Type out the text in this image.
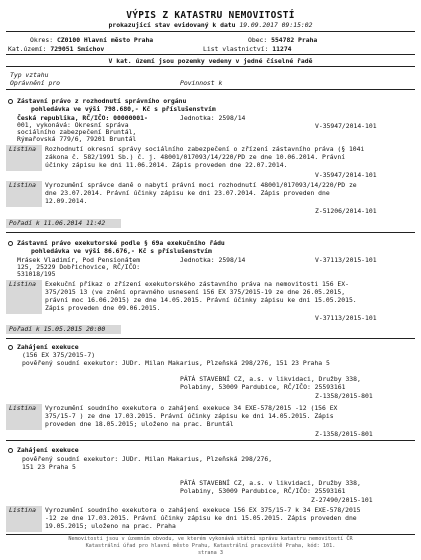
VÝPIS Z KATASTRU NEMOVITOSTÍ
prokazující stav evidovaný k datu 19.09.2017 09:15:02
Okres: CZ0100 Hlavní město Praha	Obec: 554782 Praha
Kat.území: 729051 Smíchov	List vlastnictví: 11274
V kat. území jsou pozemky vedeny v jedné číselné řadě
Typ vztahu
Oprávnění pro	Povinnost k
Zástavní právo z rozhodnutí správního orgánu
pohledávka ve výši 798.680,- Kč s příslušenstvím
Česká republika, RČ/IČO: 00000001-
001, vykonává: Okresní správa
sociálního zabezpečení Bruntál,
Rýmařovská 779/6, 79201 Bruntál
Jednotka: 2598/14
V-35947/2014-101
Listina Rozhodnutí okresní správy sociálního zabezpečení o zřízení zástavního práva (§ 104i
zákona č. 582/1991 Sb.) č. j. 48001/017093/14/220/PD ze dne 10.06.2014. Právní
účinky zápisu ke dni 11.06.2014. Zápis proveden dne 22.07.2014.
V-35947/2014-101
Listina Vyrozumění správce daně o nabytí právní moci rozhodnutí 48001/017093/14/220/PD ze
dne 23.07.2014. Právní účinky zápisu ke dni 23.07.2014. Zápis proveden dne
12.09.2014.
Z-51206/2014-101
Pořadí k 11.06.2014 11:42
Zástavní právo exekutorské podle § 69a exekučního řádu
pohledávka ve výši 86.676,- Kč s příslušenstvím
Mrásek Vladimír, Pod Pensionátem
125, 25229 Dobřichovice, RČ/IČO:
531018/195
Jednotka: 2598/14	V-37113/2015-101
Listina Exekuční příkaz o zřízení exekutorského zástavního práva na nemovitosti 156 EX-
375/2015 13 (ve znění opravného usnesení 156 EX 375/2015-19 ze dne 26.05.2015,
právní moc 16.06.2015) ze dne 14.05.2015. Právní účinky zápisu ke dni 15.05.2015.
Zápis proveden dne 09.06.2015.
V-37113/2015-101
Pořadí k 15.05.2015 20:00
Zahájení exekuce
(156 EX 375/2015-7)
pověřený soudní exekutor: JUDr. Milan Makarius, Plzeňská 298/276, 151 23 Praha 5
PÁTÁ STAVEBNÍ CZ, a.s. v likvidaci, Družby 338,
Polabiny, 53009 Pardubice, RČ/IČO: 25593161
Z-1358/2015-801
Listina Vyrozumění soudního exekutora o zahájení exekuce 34 EXE-578/2015 -12 (156 EX
375/15-7 ) ze dne 17.03.2015. Právní účinky zápisu ke dni 14.05.2015. Zápis
proveden dne 18.05.2015; uloženo na prac. Bruntál
Z-1358/2015-801
Zahájení exekuce
pověřený soudní exekutor: JUDr. Milan Makarius, Plzeňská 298/276,
151 23 Praha 5
PÁTÁ STAVEBNÍ CZ, a.s. v likvidaci, Družby 338,
Polabiny, 53009 Pardubice, RČ/IČO: 25593161
Z-27490/2015-101
Listina Vyrozumění soudního exekutora o zahájení exekuce 156 EX 375/15-7 k 34 EXE-578/2015
-12 ze dne 17.03.2015. Právní účinky zápisu ke dni 15.05.2015. Zápis proveden dne
19.05.2015; uloženo na prac. Praha
Nemovitosti jsou v územním obvodu, ve kterém vykonává státní správu katastru nemovitostí ČR
Katastrální úřad pro hlavní město Prahu, Katastrální pracoviště Praha, kód: 101.
strana 3
